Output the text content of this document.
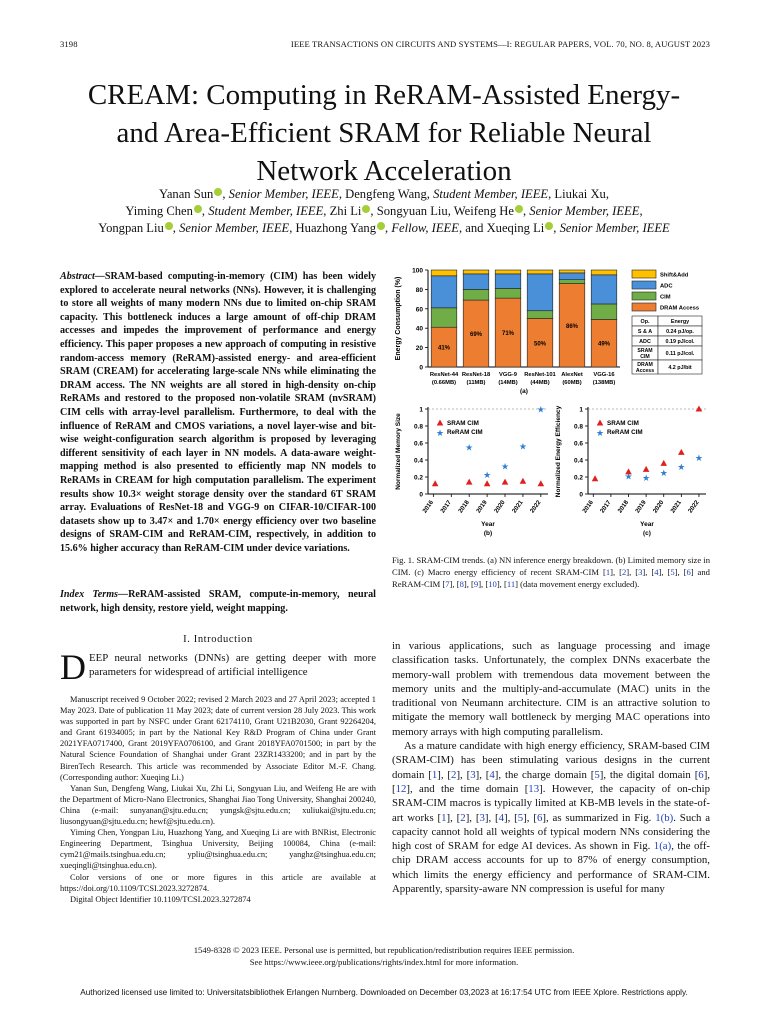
3198	IEEE TRANSACTIONS ON CIRCUITS AND SYSTEMS—I: REGULAR PAPERS, VOL. 70, NO. 8, AUGUST 2023
CREAM: Computing in ReRAM-Assisted Energy-
and Area-Efficient SRAM for Reliable Neural
Network Acceleration
Yanan Sun , Senior Member, IEEE, Dengfeng Wang, Student Member, IEEE, Liukai Xu,
Yiming Chen , Student Member, IEEE, Zhi Li , Songyuan Liu, Weifeng He , Senior Member, IEEE,
Yongpan Liu , Senior Member, IEEE, Huazhong Yang , Fellow, IEEE, and Xueqing Li , Senior Member, IEEE
Abstract—SRAM-based computing-in-memory (CIM) has been widely explored to accelerate neural networks (NNs). However, it is challenging to store all weights of many modern NNs due to limited on-chip SRAM capacity. This bottleneck induces a large amount of off-chip DRAM accesses and impedes the improvement of performance and energy efficiency. This paper proposes a new approach of computing in resistive random-access memory (ReRAM)-assisted energy- and area-efficient SRAM (CREAM) for accelerating large-scale NNs while eliminating the DRAM access. The NN weights are all stored in high-density on-chip ReRAMs and restored to the proposed non-volatile SRAM (nvSRAM) CIM cells with array-level parallelism. Furthermore, to deal with the influence of ReRAM and CMOS variations, a novel layer-wise and bit-wise weight-configuration search algorithm is proposed by leveraging different sensitivity of each layer in NN models. A data-aware weight-mapping method is also presented to efficiently map NN models to ReRAMs in CREAM for high computation parallelism. The experiment results show 10.3× weight storage density over the standard 6T SRAM array. Evaluations of ResNet-18 and VGG-9 on CIFAR-10/CIFAR-100 datasets show up to 3.47× and 1.70× energy efficiency over two baseline designs of SRAM-CIM and ReRAM-CIM, respectively, in addition to 15.6% higher accuracy than ReRAM-CIM under device variations.
Index Terms—ReRAM-assisted SRAM, compute-in-memory, neural network, high density, restore yield, weight mapping.
I. Introduction
DEEP neural networks (DNNs) are getting deeper with more parameters for widespread of artificial intelligence

Manuscript received 9 October 2022; revised 2 March 2023 and 27 April 2023; accepted 1 May 2023. Date of publication 11 May 2023; date of current version 28 July 2023. This work was supported in part by NSFC under Grant 62174110, Grant U21B2030, Grant 92264204, and Grant 61934005; in part by the National Key R&D Program of China under Grant 2021YFA0717400, Grant 2019YFA0706100, and Grant 2018YFA0701500; in part by the Natural Science Foundation of Shanghai under Grant 23ZR1433200; and in part by the BirenTech Research. This article was recommended by Associate Editor M.-F. Chang. (Corresponding author: Xueqing Li.)

Yanan Sun, Dengfeng Wang, Liukai Xu, Zhi Li, Songyuan Liu, and Weifeng He are with the Department of Micro-Nano Electronics, Shanghai Jiao Tong University, Shanghai 200240, China (e-mail: sunyanan@sjtu.edu.cn; yungsk@sjtu.edu.cn; xuliukai@sjtu.edu.cn; liusongyuan@sjtu.edu.cn; hewf@sjtu.edu.cn).

Yiming Chen, Yongpan Liu, Huazhong Yang, and Xueqing Li are with BNRist, Electronic Engineering Department, Tsinghua University, Beijing 100084, China (e-mail: cym21@mails.tsinghua.edu.cn; ypliu@tsinghua.edu.cn; yanghz@tsinghua.edu.cn; xueqingli@tsinghua.edu.cn).

Color versions of one or more figures in this article are available at https://doi.org/10.1109/TCSI.2023.3272874.

Digital Object Identifier 10.1109/TCSI.2023.3272874

Energy Consumption (%)
0
20
40
60
80
100
41%
ResNet-44
(0.66MB)
69%
ResNet-18
(11MB)
71%
VGG-9
(14MB)
50%
ResNet-101
(44MB)
86%
AlexNet
(60MB)
49%
VGG-16
(138MB)
(a)
Shift&Add
ADC
CIM
DRAM Access
Op.	Energy
S & A	0.24 pJ/op.
ADC	0.19 pJ/col.
SRAM
CIM	0.11 pJ/col.
DRAM
Access	4.2 pJ/bit
Normalized Memory Size
0
0.2
0.4
0.6
0.8
1
2016 2017 2018 2019 2020 2021 2022
Year
(b)
SRAM CIM
★ ReRAM CIM
★
★
★
★
★ Normalized Energy Efficiency	0
0.2
0.4
0.6
0.8
1
2016 2017 2018 2019 2020 2021 2022
Year
(c)
SRAM CIM
★ ReRAM CIM
★ ★
★
★
★
Fig. 1. SRAM-CIM trends. (a) NN inference energy breakdown. (b) Limited memory size in CIM. (c) Macro energy efficiency of recent SRAM-CIM [1], [2], [3], [4], [5], [6] and ReRAM-CIM [7], [8], [9], [10], [11] (data movement energy excluded).

in various applications, such as language processing and image classification tasks. Unfortunately, the complex DNNs exacerbate the memory-wall problem with tremendous data movement between the memory units and the multiply-and-accumulate (MAC) units in the traditional von Neumann architecture. CIM is an attractive solution to mitigate the memory wall bottleneck by merging MAC operations into memory arrays with high computing parallelism.

As a mature candidate with high energy efficiency, SRAM-based CIM (SRAM-CIM) has been stimulating various designs in the current domain [1], [2], [3], [4], the charge domain [5], the digital domain [6], [12], and the time domain [13]. However, the capacity of on-chip SRAM-CIM macros is typically limited at KB-MB levels in the state-of-art works [1], [2], [3], [4], [5], [6], as summarized in Fig. 1(b). Such a capacity cannot hold all weights of typical modern NNs considering the high cost of SRAM for edge AI devices. As shown in Fig. 1(a), the off-chip DRAM access accounts for up to 87% of energy consumption, which limits the energy efficiency and performance of SRAM-CIM. Apparently, sparsity-aware NN compression is useful for many

1549-8328 © 2023 IEEE. Personal use is permitted, but republication/redistribution requires IEEE permission.
See https://www.ieee.org/publications/rights/index.html for more information.
Authorized licensed use limited to: Universitatsbibliothek Erlangen Nurnberg. Downloaded on December 03,2023 at 16:17:54 UTC from IEEE Xplore. Restrictions apply.
